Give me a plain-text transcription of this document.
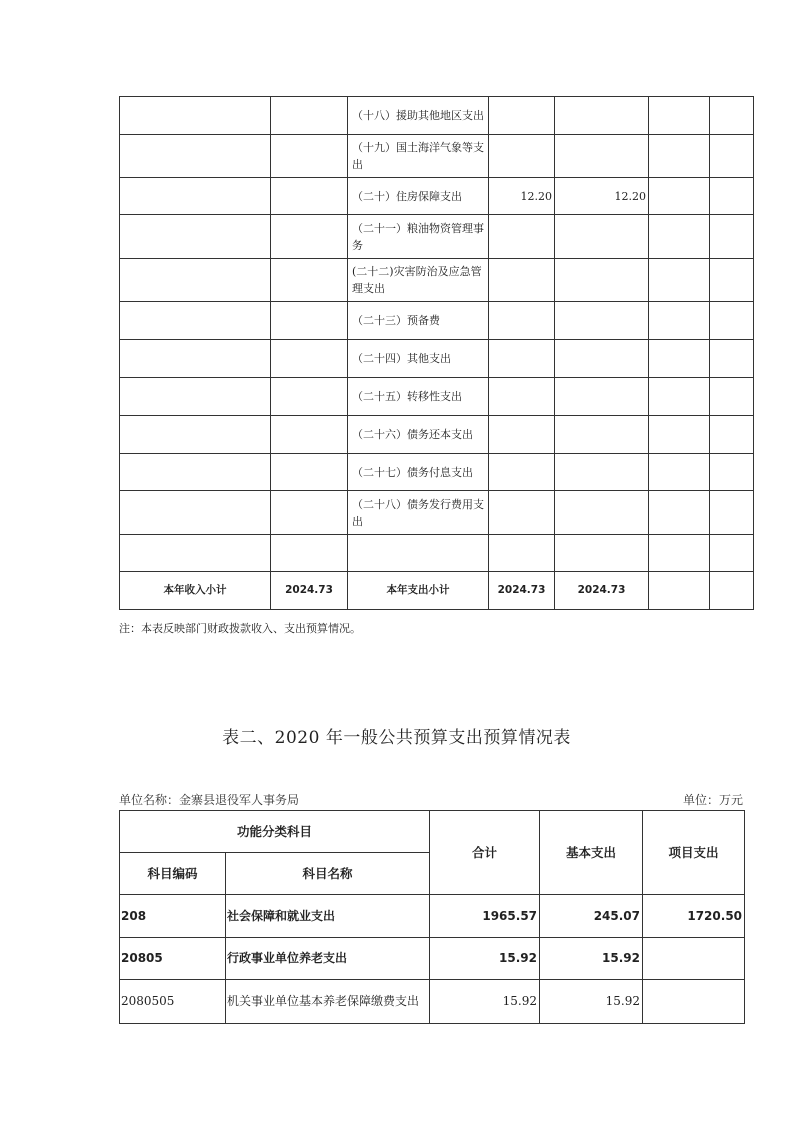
		（十八）援助其他地区支出				
		（十九）国土海洋气象等支出				
		（二十）住房保障支出	12.20	12.20		
		（二十一）粮油物资管理事务				
		(二十二)灾害防治及应急管理支出				
		（二十三）预备费				
		（二十四）其他支出				
		（二十五）转移性支出				
		（二十六）债务还本支出				
		（二十七）债务付息支出				
		（二十八）债务发行费用支出				

本年收入小计	2024.73	本年支出小计	2024.73	2024.73		
注：本表反映部门财政拨款收入、支出预算情况。
表二、2020 年一般公共预算支出预算情况表
单位名称：金寨县退役军人事务局	单位：万元
功能分类科目		合计	基本支出	项目支出
科目编码	科目名称			
208	社会保障和就业支出	1965.57	245.07	1720.50
20805	行政事业单位养老支出	15.92	15.92	
2080505	机关事业单位基本养老保障缴费支出	15.92	15.92	
